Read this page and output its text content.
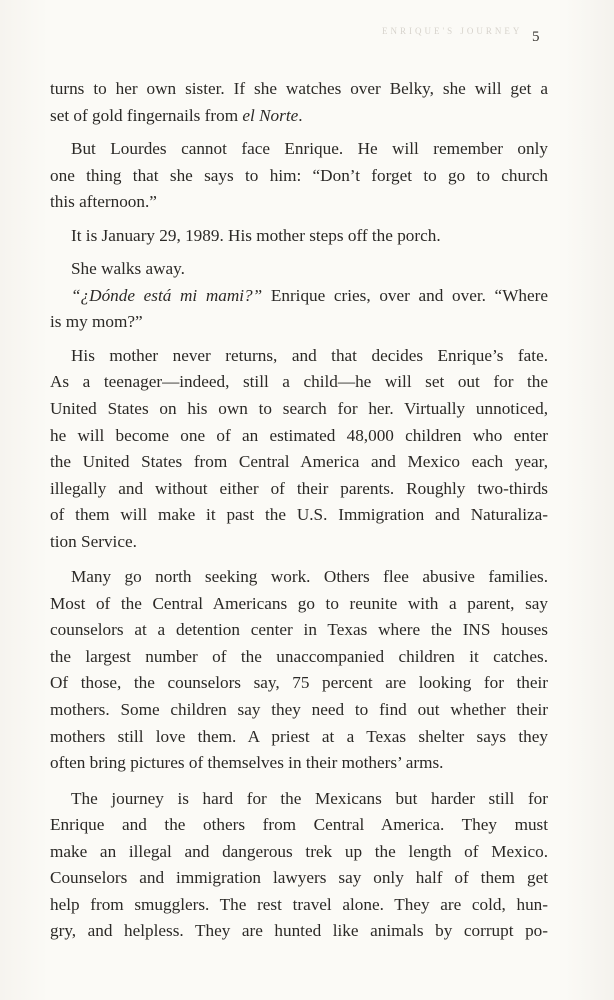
ENRIQUE'S JOURNEY 5
turns to her own sister. If she watches over Belky, she will get a
set of gold fingernails from el Norte.
But Lourdes cannot face Enrique. He will remember only
one thing that she says to him: “Don’t forget to go to church
this afternoon.”
It is January 29, 1989. His mother steps off the porch.
She walks away.
“¿Dónde está mi mami?” Enrique cries, over and over. “Where
is my mom?”
His mother never returns, and that decides Enrique’s fate.
As a teenager—indeed, still a child—he will set out for the
United States on his own to search for her. Virtually unnoticed,
he will become one of an estimated 48,000 children who enter
the United States from Central America and Mexico each year,
illegally and without either of their parents. Roughly two-thirds
of them will make it past the U.S. Immigration and Naturaliza-
tion Service.
Many go north seeking work. Others flee abusive families.
Most of the Central Americans go to reunite with a parent, say
counselors at a detention center in Texas where the INS houses
the largest number of the unaccompanied children it catches.
Of those, the counselors say, 75 percent are looking for their
mothers. Some children say they need to find out whether their
mothers still love them. A priest at a Texas shelter says they
often bring pictures of themselves in their mothers’ arms.
The journey is hard for the Mexicans but harder still for
Enrique and the others from Central America. They must
make an illegal and dangerous trek up the length of Mexico.
Counselors and immigration lawyers say only half of them get
help from smugglers. The rest travel alone. They are cold, hun-
gry, and helpless. They are hunted like animals by corrupt po-
